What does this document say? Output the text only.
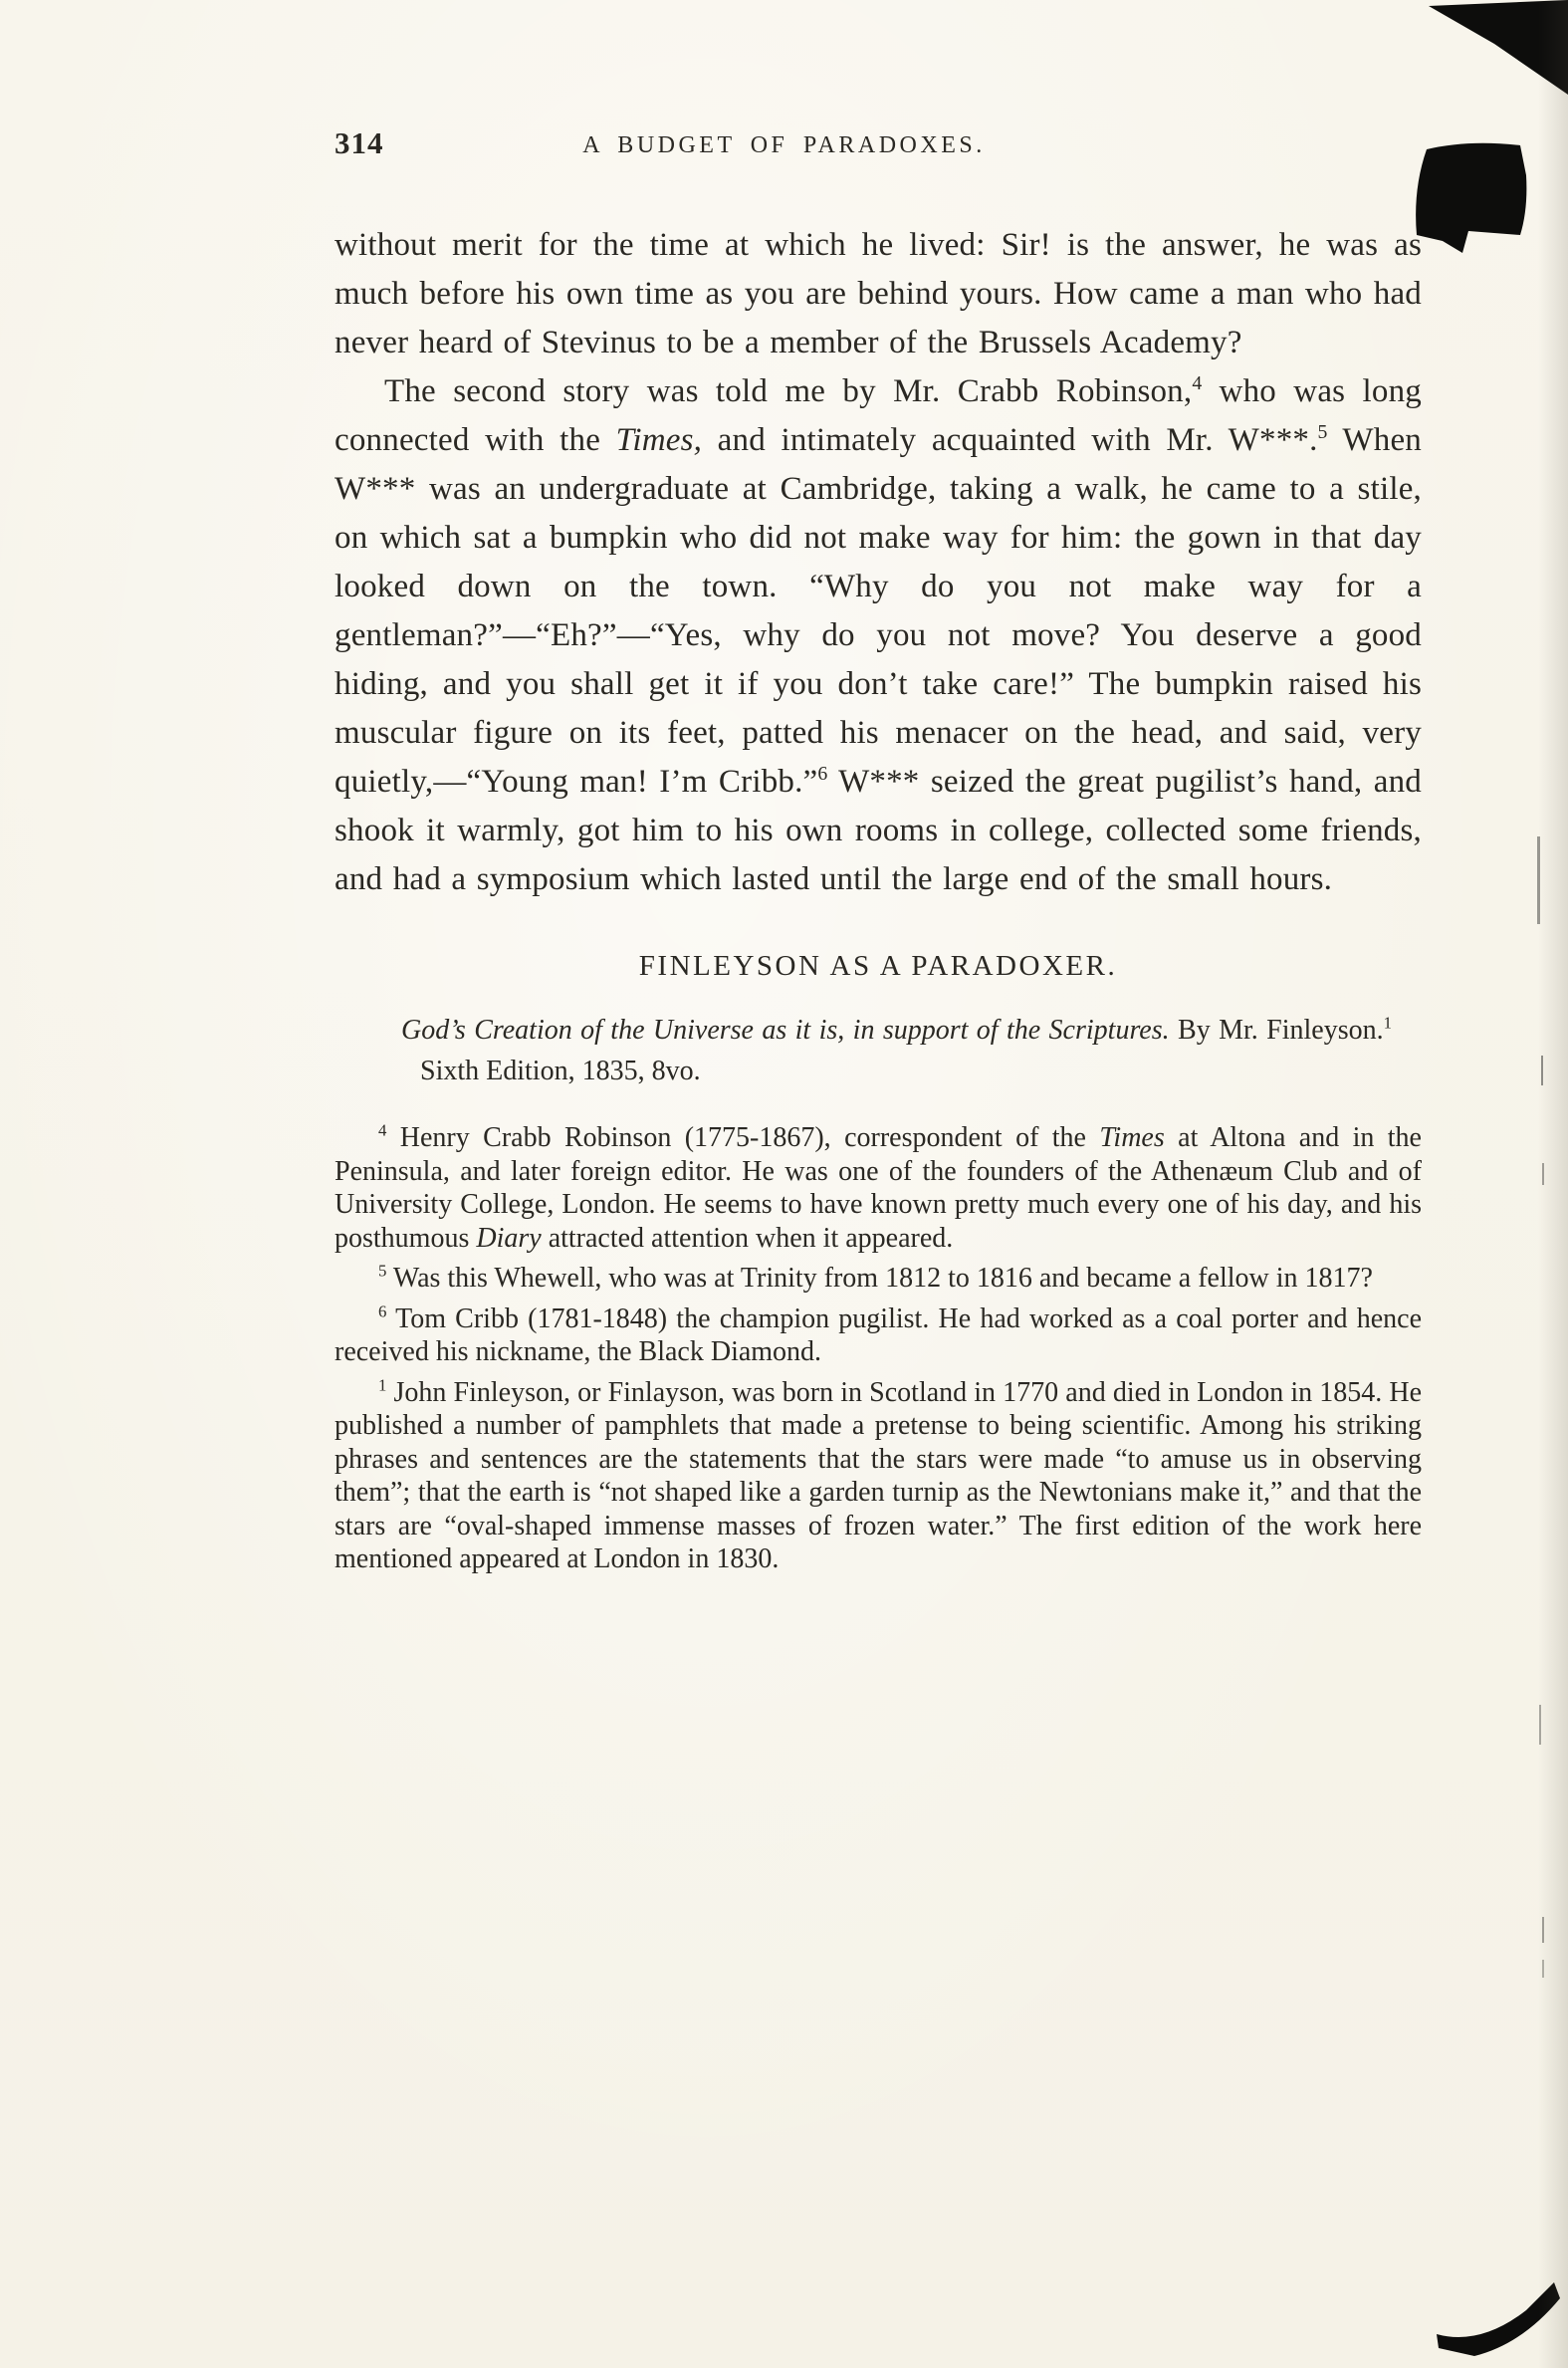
314	A BUDGET OF PARADOXES.

without merit for the time at which he lived: Sir! is the answer, he was as much before his own time as you are behind yours. How came a man who had never heard of Stevinus to be a member of the Brussels Academy?

The second story was told me by Mr. Crabb Robinson,$^4$ who was long connected with the Times, and intimately acquainted with Mr. W***.$^5$ When W*** was an undergraduate at Cambridge, taking a walk, he came to a stile, on which sat a bumpkin who did not make way for him: the gown in that day looked down on the town. “Why do you not make way for a gentleman?”—“Eh?”—“Yes, why do you not move? You deserve a good hiding, and you shall get it if you don’t take care!” The bumpkin raised his muscular figure on its feet, patted his menacer on the head, and said, very quietly,—“Young man! I’m Cribb.”$^6$ W*** seized the great pugilist’s hand, and shook it warmly, got him to his own rooms in college, collected some friends, and had a symposium which lasted until the large end of the small hours.

FINLEYSON AS A PARADOXER.

God’s Creation of the Universe as it is, in support of the Scriptures. By Mr. Finleyson.$^1$ Sixth Edition, 1835, 8vo.

$^4$ Henry Crabb Robinson (1775-1867), correspondent of the Times at Altona and in the Peninsula, and later foreign editor. He was one of the founders of the Athenæum Club and of University College, London. He seems to have known pretty much every one of his day, and his posthumous Diary attracted attention when it appeared.

$^5$ Was this Whewell, who was at Trinity from 1812 to 1816 and became a fellow in 1817?

$^6$ Tom Cribb (1781-1848) the champion pugilist. He had worked as a coal porter and hence received his nickname, the Black Diamond.

$^1$ John Finleyson, or Finlayson, was born in Scotland in 1770 and died in London in 1854. He published a number of pamphlets that made a pretense to being scientific. Among his striking phrases and sentences are the statements that the stars were made “to amuse us in observing them”; that the earth is “not shaped like a garden turnip as the Newtonians make it,” and that the stars are “oval-shaped immense masses of frozen water.” The first edition of the work here mentioned appeared at London in 1830.
